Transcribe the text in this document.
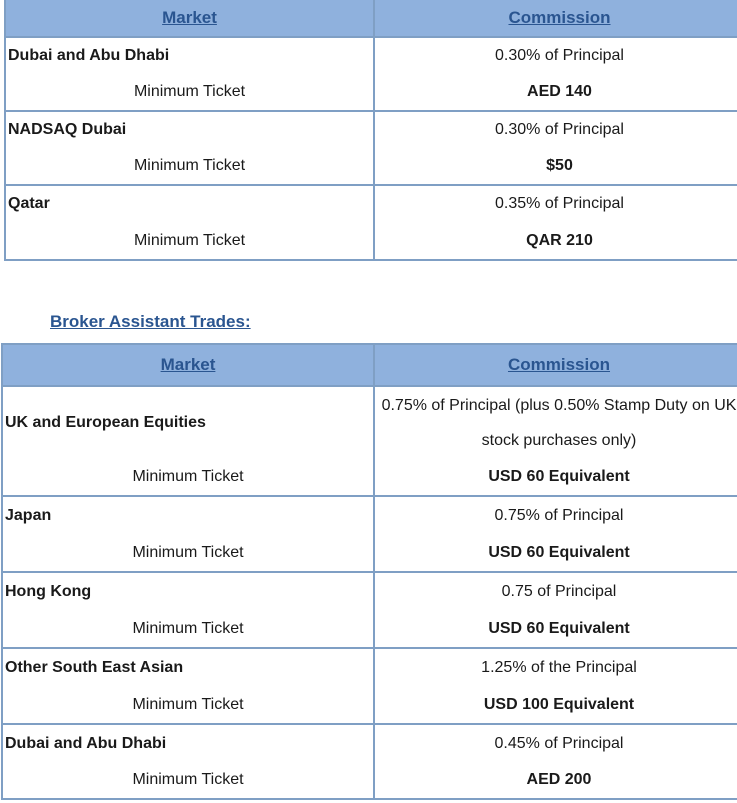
Market	Commission
Dubai and Abu Dhabi	0.30% of Principal
Minimum Ticket	AED 140
NADSAQ Dubai	0.30% of Principal
Minimum Ticket	$50
Qatar	0.35% of Principal
Minimum Ticket	QAR 210
Broker Assistant Trades:
Market	Commission
UK and European Equities	0.75% of Principal (plus 0.50% Stamp Duty on UK stock purchases only)
Minimum Ticket	USD 60 Equivalent
Japan	0.75% of Principal
Minimum Ticket	USD 60 Equivalent
Hong Kong	0.75 of Principal
Minimum Ticket	USD 60 Equivalent
Other South East Asian	1.25% of the Principal
Minimum Ticket	USD 100 Equivalent
Dubai and Abu Dhabi	0.45% of Principal
Minimum Ticket	AED 200
